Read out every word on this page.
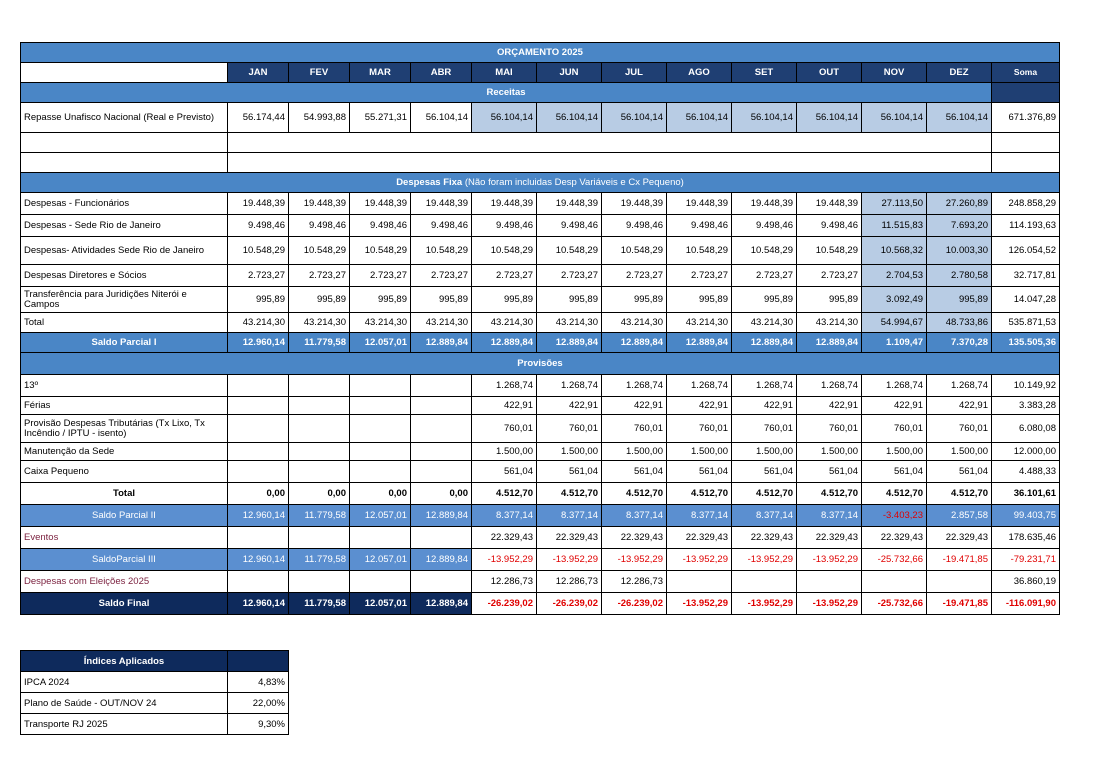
ORÇAMENTO 2025													
	JAN	FEV	MAR	ABR	MAI	JUN	JUL	AGO	SET	OUT	NOV	DEZ	Soma
Receitas													
Repasse Unafisco Nacional (Real e Previsto)	56.174,44	54.993,88	55.271,31	56.104,14	56.104,14	56.104,14	56.104,14	56.104,14	56.104,14	56.104,14	56.104,14	56.104,14	671.376,89

Despesas Fixa (Não foram incluidas Desp Variáveis e Cx Pequeno)													
Despesas - Funcionários	19.448,39	19.448,39	19.448,39	19.448,39	19.448,39	19.448,39	19.448,39	19.448,39	19.448,39	19.448,39	27.113,50	27.260,89	248.858,29
Despesas - Sede Rio de Janeiro	9.498,46	9.498,46	9.498,46	9.498,46	9.498,46	9.498,46	9.498,46	9.498,46	9.498,46	9.498,46	11.515,83	7.693,20	114.193,63
Despesas- Atividades Sede Rio de Janeiro	10.548,29	10.548,29	10.548,29	10.548,29	10.548,29	10.548,29	10.548,29	10.548,29	10.548,29	10.548,29	10.568,32	10.003,30	126.054,52
Despesas Diretores e Sócios	2.723,27	2.723,27	2.723,27	2.723,27	2.723,27	2.723,27	2.723,27	2.723,27	2.723,27	2.723,27	2.704,53	2.780,58	32.717,81
Transferência para Juridições Niterói e Campos	995,89	995,89	995,89	995,89	995,89	995,89	995,89	995,89	995,89	995,89	3.092,49	995,89	14.047,28
Total	43.214,30	43.214,30	43.214,30	43.214,30	43.214,30	43.214,30	43.214,30	43.214,30	43.214,30	43.214,30	54.994,67	48.733,86	535.871,53
Saldo Parcial I	12.960,14	11.779,58	12.057,01	12.889,84	12.889,84	12.889,84	12.889,84	12.889,84	12.889,84	12.889,84	1.109,47	7.370,28	135.505,36
Provisões													
13º					1.268,74	1.268,74	1.268,74	1.268,74	1.268,74	1.268,74	1.268,74	1.268,74	10.149,92
Férias					422,91	422,91	422,91	422,91	422,91	422,91	422,91	422,91	3.383,28
Provisão Despesas Tributárias (Tx Lixo, Tx Incêndio / IPTU - isento)					760,01	760,01	760,01	760,01	760,01	760,01	760,01	760,01	6.080,08
Manutenção da Sede					1.500,00	1.500,00	1.500,00	1.500,00	1.500,00	1.500,00	1.500,00	1.500,00	12.000,00
Caixa Pequeno					561,04	561,04	561,04	561,04	561,04	561,04	561,04	561,04	4.488,33
Total	0,00	0,00	0,00	0,00	4.512,70	4.512,70	4.512,70	4.512,70	4.512,70	4.512,70	4.512,70	4.512,70	36.101,61
Saldo Parcial II	12.960,14	11.779,58	12.057,01	12.889,84	8.377,14	8.377,14	8.377,14	8.377,14	8.377,14	8.377,14	-3.403,23	2.857,58	99.403,75
Eventos					22.329,43	22.329,43	22.329,43	22.329,43	22.329,43	22.329,43	22.329,43	22.329,43	178.635,46
SaldoParcial III	12.960,14	11.779,58	12.057,01	12.889,84	-13.952,29	-13.952,29	-13.952,29	-13.952,29	-13.952,29	-13.952,29	-25.732,66	-19.471,85	-79.231,71
Despesas com Eleições 2025					12.286,73	12.286,73	12.286,73						36.860,19
Saldo Final	12.960,14	11.779,58	12.057,01	12.889,84	-26.239,02	-26.239,02	-26.239,02	-13.952,29	-13.952,29	-13.952,29	-25.732,66	-19.471,85	-116.091,90
Índices Aplicados	
IPCA 2024	4,83%
Plano de Saúde - OUT/NOV 24	22,00%
Transporte RJ 2025	9,30%
